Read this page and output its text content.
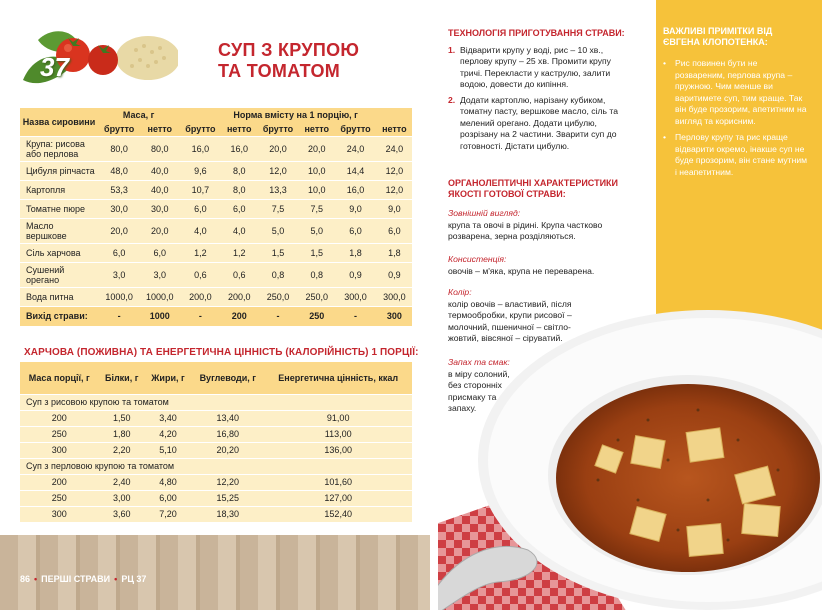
37
СУП З КРУПОЮ
ТА ТОМАТОМ
Назва сировини	Маса, г		Норма вмісту на 1 порцію, г					
	брутто	нетто	брутто	нетто	брутто	нетто	брутто	нетто
Крупа: рисова або перлова	80,0	80,0	16,0	16,0	20,0	20,0	24,0	24,0
Цибуля ріпчаста	48,0	40,0	9,6	8,0	12,0	10,0	14,4	12,0
Картопля	53,3	40,0	10,7	8,0	13,3	10,0	16,0	12,0
Томатне пюре	30,0	30,0	6,0	6,0	7,5	7,5	9,0	9,0
Масло вершкове	20,0	20,0	4,0	4,0	5,0	5,0	6,0	6,0
Сіль харчова	6,0	6,0	1,2	1,2	1,5	1,5	1,8	1,8
Сушений орегано	3,0	3,0	0,6	0,6	0,8	0,8	0,9	0,9
Вода питна	1000,0	1000,0	200,0	200,0	250,0	250,0	300,0	300,0
Вихід страви:	-	1000	-	200	-	250	-	300
ХАРЧОВА (ПОЖИВНА) ТА ЕНЕРГЕТИЧНА ЦІННІСТЬ (КАЛОРІЙНІСТЬ) 1 ПОРЦІЇ:
Маса порції, г	Білки, г	Жири, г	Вуглеводи, г	Енергетична цінність, ккал
Суп з рисовою крупою та томатом				
200	1,50	3,40	13,40	91,00
250	1,80	4,20	16,80	113,00
300	2,20	5,10	20,20	136,00
Суп з перловою крупою та томатом				
200	2,40	4,80	12,20	101,60
250	3,00	6,00	15,25	127,00
300	3,60	7,20	18,30	152,40
86 • ПЕРШІ СТРАВИ • РЦ 37
ТЕХНОЛОГІЯ ПРИГОТУВАННЯ СТРАВИ:
1. Відварити крупу у воді, рис – 10 хв., перлову крупу – 25 хв. Промити крупу тричі. Перекласти у каструлю, залити водою, довести до кипіння.
2. Додати картоплю, нарізану кубиком, томатну пасту, вершкове масло, сіль та мелений орегано. Додати цибулю, розрізану на 2 частини. Зварити суп до готовності. Дістати цибулю.
ОРГАНОЛЕПТИЧНІ ХАРАКТЕРИСТИКИ ЯКОСТІ ГОТОВОЇ СТРАВИ:
Зовнішній вигляд:
крупа та овочі в рідині. Крупа частково розварена, зерна розділяються.
Консистенція:
овочів – м'яка, крупа не переварена.
Колір:
колір овочів – властивий, після термообробки, крупи рисової – молочний, пшеничної – світло-жовтий, вівсяної – сіруватий.
Запах та смак:
в міру солоний, без сторонніх присмаку та запаху.
ВАЖЛИВІ ПРИМІТКИ ВІД ЄВГЕНА КЛОПОТЕНКА:
•	Рис повинен бути не розвареним, перлова крупа – пружною. Чим менше ви варитимете суп, тим краще. Так він буде прозорим, апетитним на вигляд та корисним.
•	Перлову крупу та рис краще відварити окремо, інакше суп не буде прозорим, він стане мутним і неапетитним.
